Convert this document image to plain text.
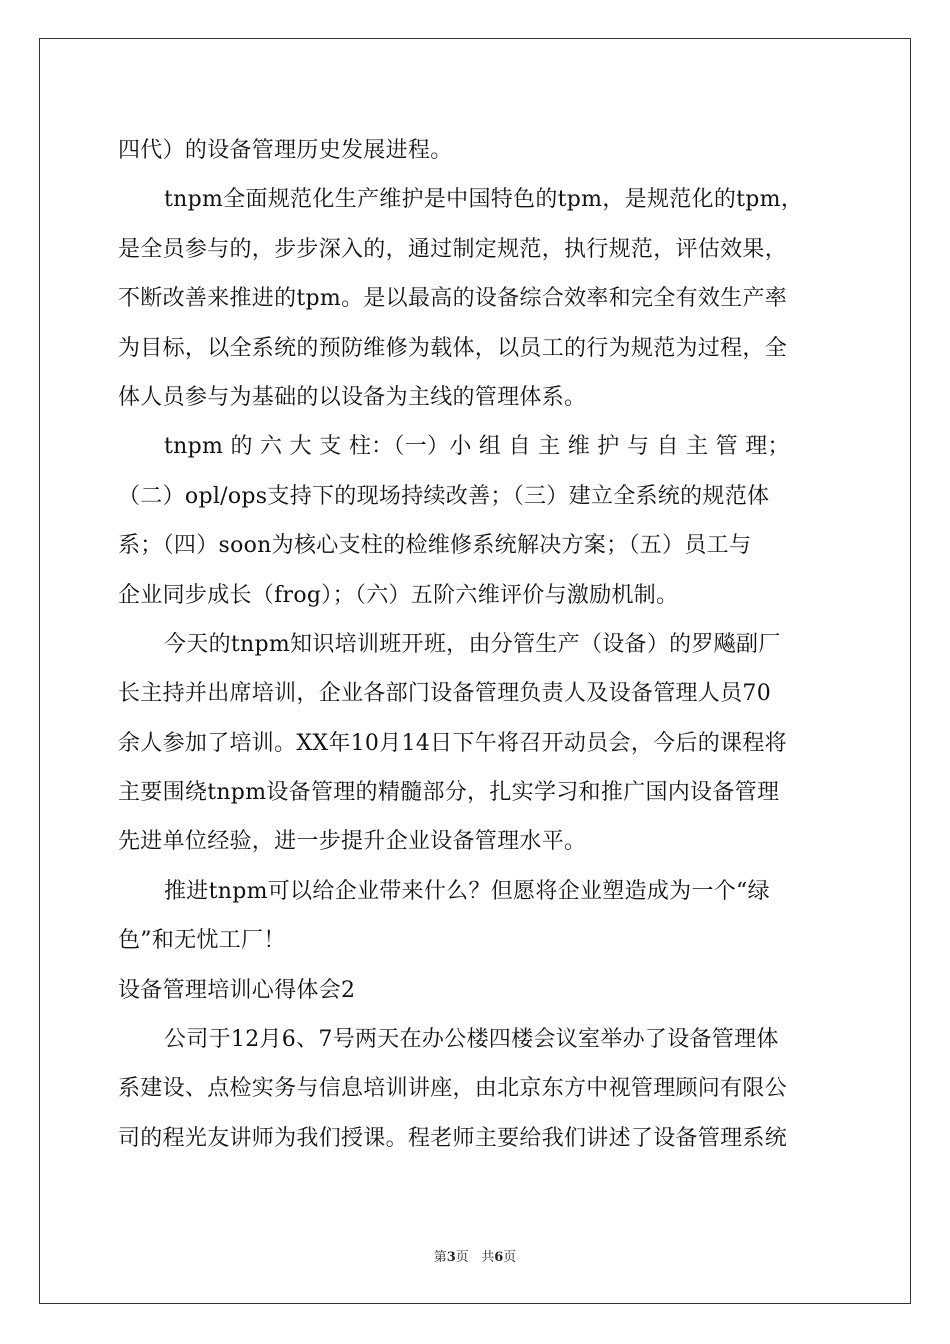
四代）的设备管理历史发展进程。
tnpm全面规范化生产维护是中国特色的tpm，是规范化的tpm，
是全员参与的，步步深入的，通过制定规范，执行规范，评估效果，
不断改善来推进的tpm。是以最高的设备综合效率和完全有效生产率
为目标，以全系统的预防维修为载体，以员工的行为规范为过程，全
体人员参与为基础的以设备为主线的管理体系。
tnpm 的 六 大 支 柱：（一）小 组 自 主 维 护 与 自 主 管 理；
（二）opl/ops支持下的现场持续改善；（三）建立全系统的规范体
系；（四）soon为核心支柱的检维修系统解决方案；（五）员工与
企业同步成长（frog）；（六）五阶六维评价与激励机制。
今天的tnpm知识培训班开班，由分管生产（设备）的罗飚副厂
长主持并出席培训，企业各部门设备管理负责人及设备管理人员70
余人参加了培训。XX年10月14日下午将召开动员会，今后的课程将
主要围绕tnpm设备管理的精髓部分，扎实学习和推广国内设备管理
先进单位经验，进一步提升企业设备管理水平。
推进tnpm可以给企业带来什么？但愿将企业塑造成为一个“绿
色”和无忧工厂！
设备管理培训心得体会2
公司于12月6、7号两天在办公楼四楼会议室举办了设备管理体
系建设、点检实务与信息培训讲座，由北京东方中视管理顾问有限公
司的程光友讲师为我们授课。程老师主要给我们讲述了设备管理系统
第3页 共6页
